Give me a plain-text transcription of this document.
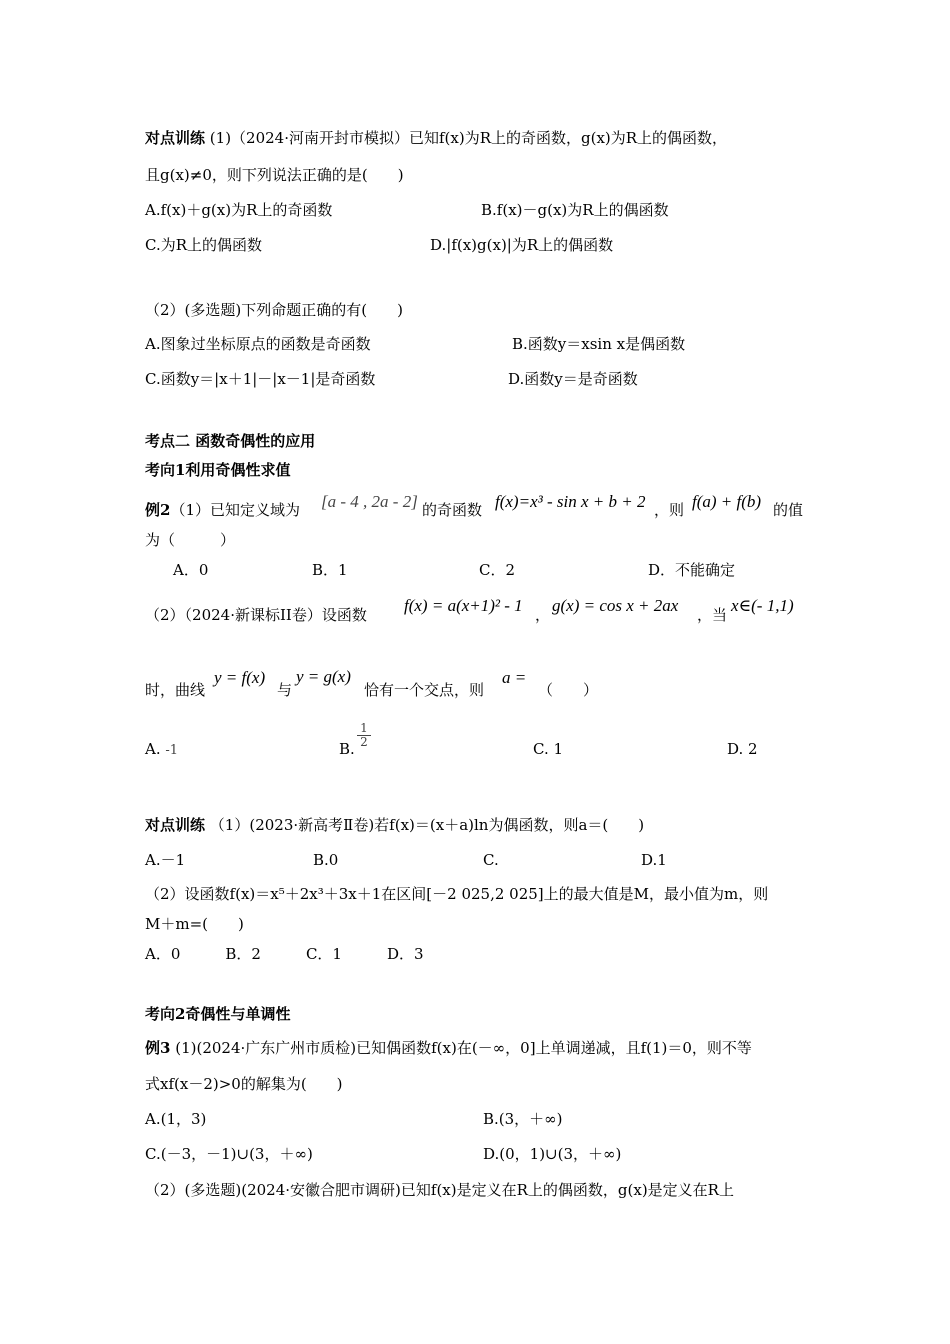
对点训练 (1)（2024·河南开封市模拟）已知f(x)为R上的奇函数，g(x)为R上的偶函数，
且g(x)≠0，则下列说法正确的是(　　)
A.f(x)＋g(x)为R上的奇函数	B.f(x)－g(x)为R上的偶函数
C.为R上的偶函数	D.|f(x)g(x)|为R上的偶函数
（2）(多选题)下列命题正确的有(　　)
A.图象过坐标原点的函数是奇函数	B.函数y＝xsin x是偶函数
C.函数y＝|x＋1|－|x－1|是奇函数	D.函数y＝是奇函数
考点二 函数奇偶性的应用
考向1利用奇偶性求值
例2（1）已知定义域为 [a - 4 , 2a - 2] 的奇函数 f(x)=x³ - sin x + b + 2 ，则 f(a) + f(b) 的值
为（　　　）
A．0	B．1	C．2	D．不能确定
（2）（2024·新课标II卷）设函数 f(x) = a(x+1)² - 1 ， g(x) = cos x + 2ax ，当 x∈(- 1,1)
时，曲线
y = f(x)
与
y = g(x)
恰有一个交点，则
a =
（　　）
A. -1	B.
1
2	C. 1	D. 2
对点训练 （1）(2023·新高考Ⅱ卷)若f(x)＝(x＋a)ln为偶函数，则a＝(　　)
A.－1	B.0	C.	D.1
（2）设函数f(x)＝x⁵＋2x³＋3x＋1在区间[－2 025,2 025]上的最大值是M，最小值为m，则
M＋m=(　　)
A．0　　　B．2　　　C．1　　　D．3
考向2奇偶性与单调性
例3 (1)(2024·广东广州市质检)已知偶函数f(x)在(－∞，0]上单调递减，且f(1)＝0，则不等
式xf(x－2)>0的解集为(　　)
A.(1，3)	B.(3，＋∞)
C.(－3，－1)∪(3，＋∞)	D.(0，1)∪(3，＋∞)
（2）(多选题)(2024·安徽合肥市调研)已知f(x)是定义在R上的偶函数，g(x)是定义在R上
